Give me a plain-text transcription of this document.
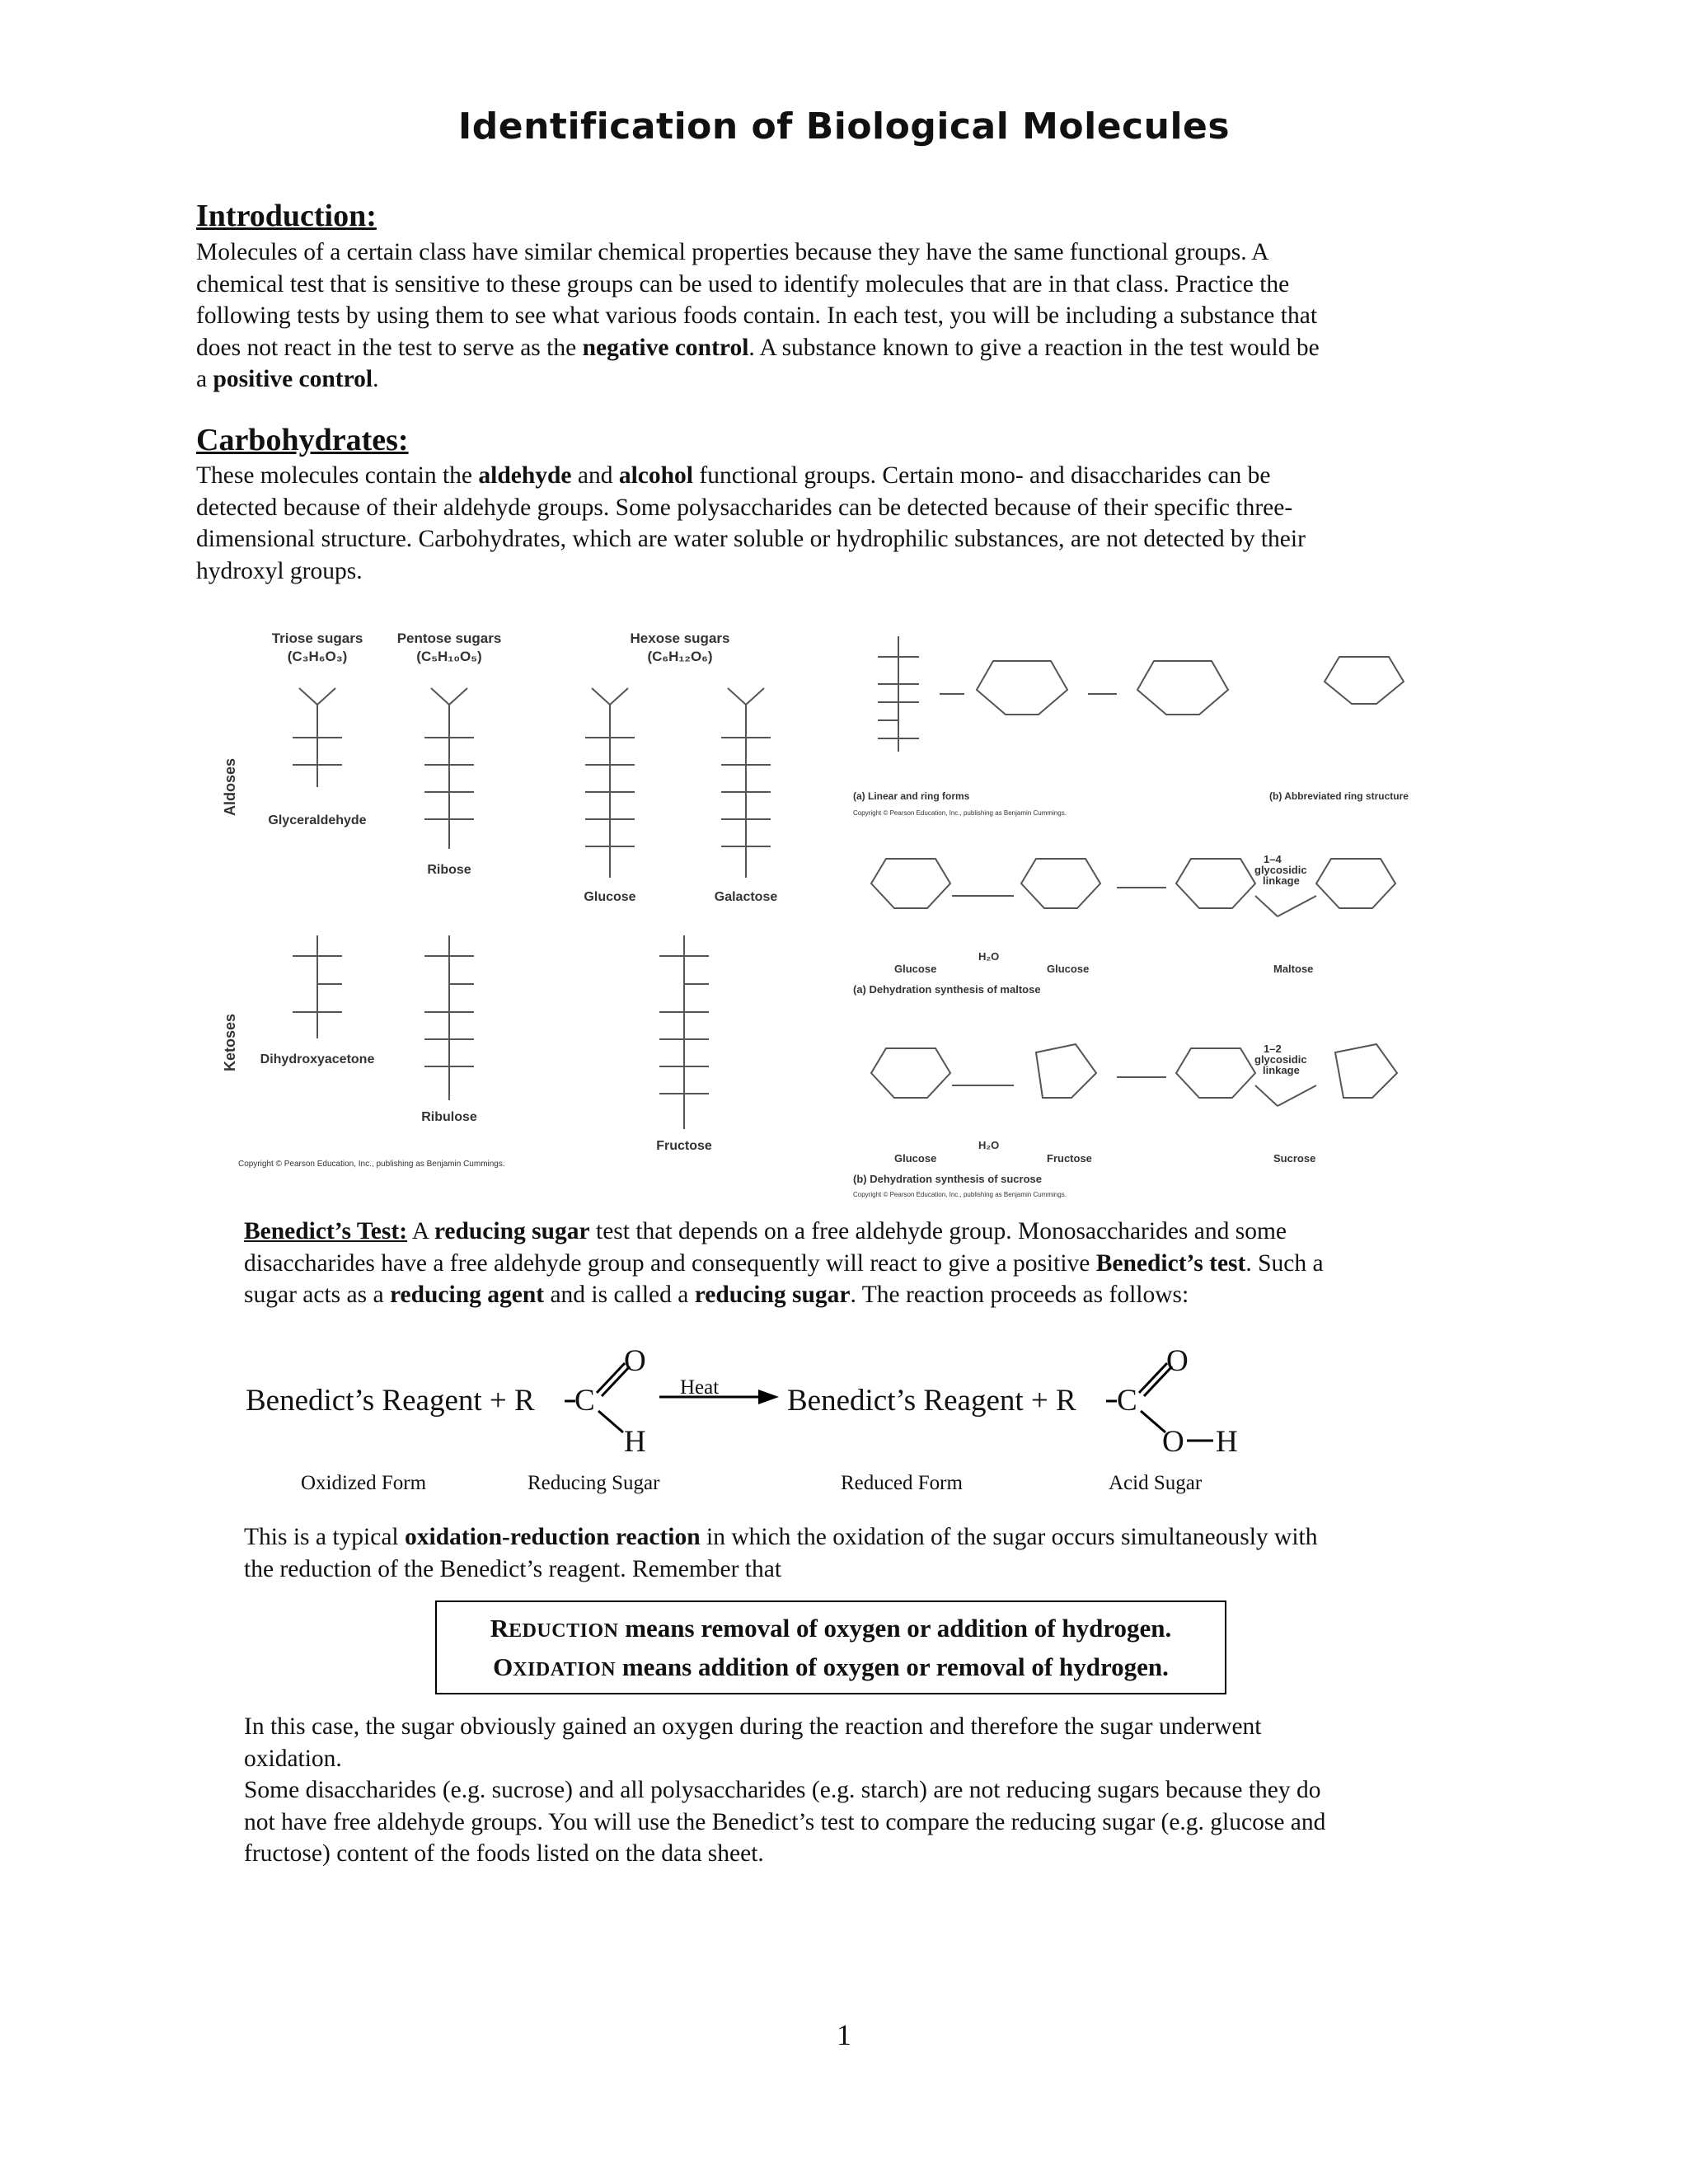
Identification of Biological Molecules
Introduction:
Molecules of a certain class have similar chemical properties because they have the same functional groups. A
chemical test that is sensitive to these groups can be used to identify molecules that are in that class. Practice the
following tests by using them to see what various foods contain. In each test, you will be including a substance that
does not react in the test to serve as the negative control. A substance known to give a reaction in the test would be
a positive control.
Carbohydrates:
These molecules contain the aldehyde and alcohol functional groups. Certain mono- and disaccharides can be
detected because of their aldehyde groups. Some polysaccharides can be detected because of their specific three-
dimensional structure. Carbohydrates, which are water soluble or hydrophilic substances, are not detected by their
hydroxyl groups.
Triose sugars
(C₃H₆O₃)
Pentose sugars
(C₅H₁₀O₅)
Hexose sugars
(C₆H₁₂O₆)
Aldoses
Ketoses
Glyceraldehyde
Ribose
Glucose	Galactose
Dihydroxyacetone
Ribulose
Fructose
Copyright © Pearson Education, Inc., publishing as Benjamin Cummings.
(a) Linear and ring forms	(b) Abbreviated ring structure
Copyright © Pearson Education, Inc., publishing as Benjamin Cummings.
Glucose	Glucose	Maltose
H₂O
1–4
glycosidic
linkage
(a) Dehydration synthesis of maltose
Glucose	Fructose	Sucrose
H₂O
1–2
glycosidic
linkage
(b) Dehydration synthesis of sucrose
Copyright © Pearson Education, Inc., publishing as Benjamin Cummings.
Benedict’s Test: A reducing sugar test that depends on a free aldehyde group. Monosaccharides and some
disaccharides have a free aldehyde group and consequently will react to give a positive Benedict’s test. Such a
sugar acts as a reducing agent and is called a reducing sugar. The reaction proceeds as follows:
Benedict’s Reagent + R C
O
H
Heat Benedict’s Reagent + R C
O
O H
Oxidized Form	Reducing Sugar	Reduced Form	Acid Sugar
This is a typical oxidation-reduction reaction in which the oxidation of the sugar occurs simultaneously with
the reduction of the Benedict’s reagent. Remember that
REDUCTION means removal of oxygen or addition of hydrogen.
OXIDATION means addition of oxygen or removal of hydrogen.
In this case, the sugar obviously gained an oxygen during the reaction and therefore the sugar underwent
oxidation.
Some disaccharides (e.g. sucrose) and all polysaccharides (e.g. starch) are not reducing sugars because they do
not have free aldehyde groups. You will use the Benedict’s test to compare the reducing sugar (e.g. glucose and
fructose) content of the foods listed on the data sheet.
1
